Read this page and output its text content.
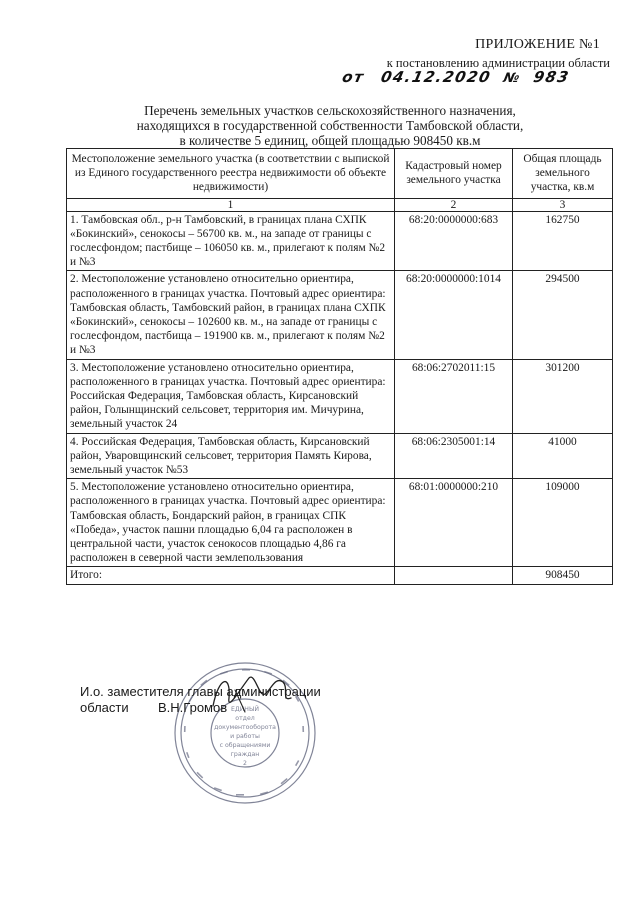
ПРИЛОЖЕНИЕ №1
к постановлению администрации области
от 04.12.2020 № 983
Перечень земельных участков сельскохозяйственного назначения,
находящихся в государственной собственности Тамбовской области,
в количестве 5 единиц, общей площадью 908450 кв.м
Местоположение земельного участка (в соответствии с выпиской из Единого государственного реестра недвижимости об объекте недвижимости)	Кадастровый номер земельного участка	Общая площадь земельного участка, кв.м
1	2	3
1. Тамбовская обл., р-н Тамбовский, в границах плана СХПК «Бокинский», сенокосы – 56700 кв. м., на западе от границы с гослесфондом; пастбище – 106050 кв. м., прилегают к полям №2 и №3	68:20:0000000:683	162750
2. Местоположение установлено относительно ориентира, расположенного в границах участка. Почтовый адрес ориентира: Тамбовская область, Тамбовский район, в границах плана СХПК «Бокинский», сенокосы – 102600 кв. м., на западе от границы с гослесфондом, пастбища – 191900 кв. м., прилегают к полям №2 и №3	68:20:0000000:1014	294500
3. Местоположение установлено относительно ориентира, расположенного в границах участка. Почтовый адрес ориентира: Российская Федерация, Тамбовская область, Кирсановский район, Голынщинский сельсовет, территория им. Мичурина, земельный участок 24	68:06:2702011:15	301200
4. Российская Федерация, Тамбовская область, Кирсановский район, Уваровщинский сельсовет, территория Память Кирова, земельный участок №53	68:06:2305001:14	41000
5. Местоположение установлено относительно ориентира, расположенного в границах участка. Почтовый адрес ориентира: Тамбовская область, Бондарский район, в границах СПК «Победа», участок пашни площадью 6,04 га расположен в центральной части, участок сенокосов площадью 4,86 га расположен в северной части землепользования	68:01:0000000:210	109000
Итого:		908450
ЕДИНЫЙ
отдел
документооборота
и работы
с обращениями
граждан
2
И.о. заместителя главы администрации
области	В.Н.Громов
